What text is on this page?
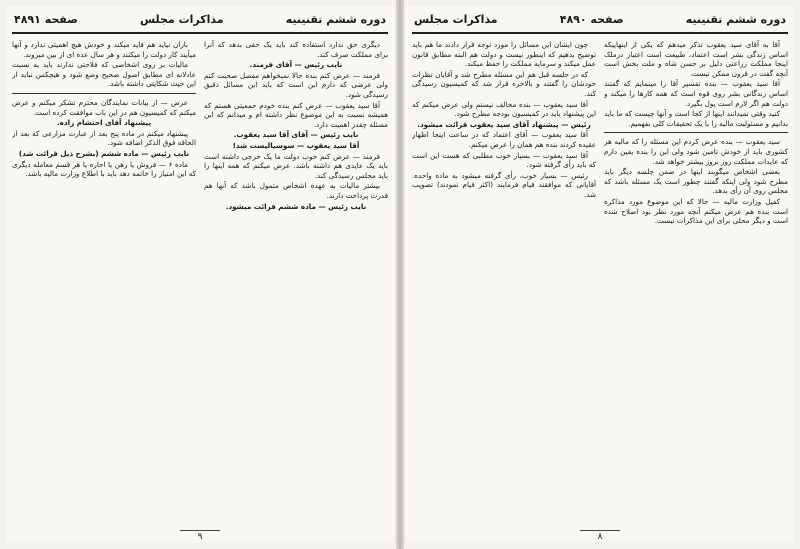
دوره ششم تقنینیه
مذاکرات مجلس
صفحه ۴۸۹۱

دیگری حق ندارد استفاده کند باید یک حقی بدهد که آنرا برای مملکت صرف کند.

نایب رئیس — آقای فرمند.

فرمند — عرض کنم بنده حالا نمیخواهم مفصل صحبت کنم ولی عرضی که دارم این است که باید این مسائل دقیق رسیدگی شود.

آقا سید یعقوب — عرض کنم بنده خودم جمعیتی هستم که همیشه نسبت به این موضوع نظر داشته ام و میدانم که این مسئله چقدر اهمیت دارد.

نایب رئیس — آقای آقا سید یعقوب.

آقا سید یعقوب — سوسیالیست شد!

فرمند — عرض کنم خوب دولت ما یک خرجی داشته است باید یک عایدی هم داشته باشد. عرض میکنم که همه اینها را باید مجلس رسیدگی کند.

بیشتر مالیات به عهده اشخاص متمول باشد که آنها هم قدرت پرداخت دارند.

نایب رئیس — ماده ششم قرائت میشود.

باران نیاید هم فاید میکند و خودش هیچ اهمیتی ندارد و آنها میآیند کار دولت را میکنند و هر سال عده ای از بین میروند.

مالیات بر روی اشخاصی که فلاحتی ندارند باید به نسبت عادلانه ای مطابق اصول صحیح وضع شود و هیچکس نباید از این حیث شکایتی داشته باشد.

عرض — از بیانات نمایندگان محترم تشکر میکنم و عرض میکنم که کمیسیون هم در این باب موافقت کرده است.

پیشنهاد آقای احتشام زاده.

پیشنهاد میکنم در ماده پنج بعد از عبارت مزارعی که بعد از الحاقه فوق الذکر اضافه شود.

نایب رئیس — ماده ششم (بشرح ذیل قرائت شد)

ماده ۶ — فروش یا رهن یا اجاره یا هر قسم معامله دیگری که این امتیاز را خاتمه دهد باید با اطلاع وزارت مالیه باشد.

۹
دوره ششم تقنینیه
صفحه ۴۸۹۰
مذاکرات مجلس

آقا به آقای سید یعقوب تذکر میدهم که یکی از اینهاییکه اساس زندگی بشر است اعتماد، طبیعت است اعتبار درملک اینجا مملکت زراعتی دلیل بر حسن شاه و ملت بخش است آنچه گفت در قرون ممکن نیست.

آقا سید یعقوب — بنده تفسیر آقا را مینمایم که گفتند اساس زندگانی بشر روی قوه است که همه کارها را میکند و دولت هم اگر لازم است پول بگیرد.

کنید وقتی نمیدانند اینها از کجا است و آنها چیست که ما باید بدانیم و مسئولیت مالیه را با یک تحقیقات کلی بفهمیم.

سید یعقوب — بنده عرض کردم این مسئله را که مالیه هر کشوری باید از خودش تامین شود ولی این را بنده یقین دارم که عایدات مملکت روز بروز بیشتر خواهد شد.

بعضی اشخاص میگویند اینها در ضمن جلسه دیگر باید مطرح شود ولی اینکه گفتند چطور است یک مسئله باشد که مجلس روی آن رأی بدهد.

کفیل وزارت مالیه — حالا که این موضوع مورد مذاکره است بنده هم عرض میکنم آنچه مورد نظر بود اصلاح شده است و دیگر محلی برای این مذاکرات نیست.

چون ایشان این مسائل را مورد توجه قرار دادند ما هم باید توضیح بدهیم که اینطور نیست و دولت هم البته مطابق قانون عمل میکند و سرمایه مملکت را حفظ میکند.

که در جلسه قبل هم این مسئله مطرح شد و آقایان نظرات خودشان را گفتند و بالاخره قرار شد که کمیسیون رسیدگی کند.

آقا سید یعقوب — بنده مخالف نیستم ولی عرض میکنم که این پیشنهاد باید در کمیسیون بودجه مطرح شود.

رئیس — پیشنهاد آقای سید یعقوب قرائت میشود.

آقا سید یعقوب — آقای اعتماد که در ساعت اینجا اظهار عقیده کردند بنده هم همان را عرض میکنم.

آقا سید یعقوب — بسیار خوب مطلبی که هست این است که باید رأی گرفته شود.

رئیس — بسیار خوب، رأی گرفته میشود به ماده واحده. آقایانی که موافقند قیام فرمایند (اکثر قیام نمودند) تصویب شد.

۸
